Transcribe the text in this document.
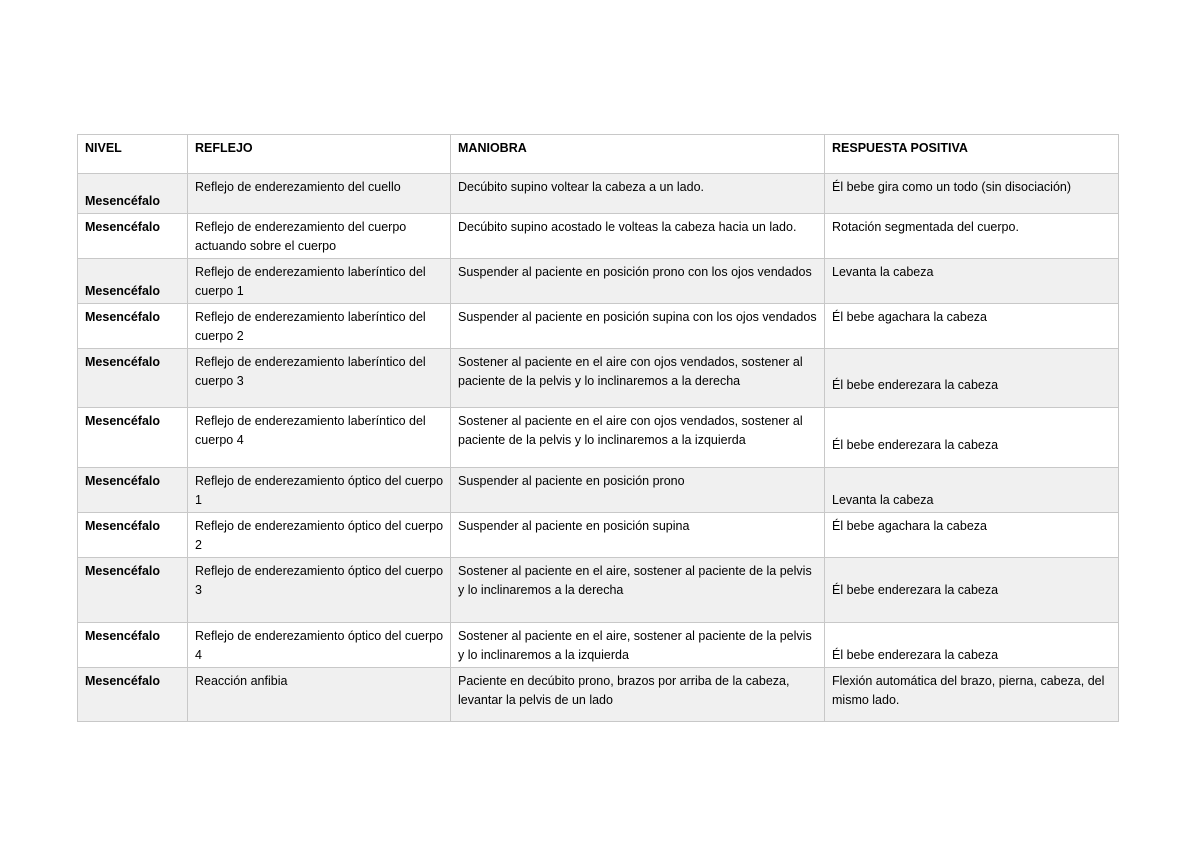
NIVEL	REFLEJO	MANIOBRA	RESPUESTA POSITIVA
Mesencéfalo	Reflejo de enderezamiento del cuello	Decúbito supino voltear la cabeza a un lado.	Él bebe gira como un todo (sin disociación)
Mesencéfalo	Reflejo de enderezamiento del cuerpo actuando sobre el cuerpo	Decúbito supino acostado le volteas la cabeza hacia un lado.	Rotación segmentada del cuerpo.
Mesencéfalo	Reflejo de enderezamiento laberíntico del cuerpo 1	Suspender al paciente en posición prono con los ojos vendados	Levanta la cabeza
Mesencéfalo	Reflejo de enderezamiento laberíntico del cuerpo 2	Suspender al paciente en posición supina con los ojos vendados	Él bebe agachara la cabeza
Mesencéfalo	Reflejo de enderezamiento laberíntico del cuerpo 3	Sostener al paciente en el aire con ojos vendados, sostener al paciente de la pelvis y lo inclinaremos a la derecha	Él bebe enderezara la cabeza
Mesencéfalo	Reflejo de enderezamiento laberíntico del cuerpo 4	Sostener al paciente en el aire con ojos vendados, sostener al paciente de la pelvis y lo inclinaremos a la izquierda	Él bebe enderezara la cabeza
Mesencéfalo	Reflejo de enderezamiento óptico del cuerpo 1	Suspender al paciente en posición prono	Levanta la cabeza
Mesencéfalo	Reflejo de enderezamiento óptico del cuerpo 2	Suspender al paciente en posición supina	Él bebe agachara la cabeza
Mesencéfalo	Reflejo de enderezamiento óptico del cuerpo 3	Sostener al paciente en el aire, sostener al paciente de la pelvis y lo inclinaremos a la derecha	Él bebe enderezara la cabeza
Mesencéfalo	Reflejo de enderezamiento óptico del cuerpo 4	Sostener al paciente en el aire, sostener al paciente de la pelvis y lo inclinaremos a la izquierda	Él bebe enderezara la cabeza
Mesencéfalo	Reacción anfibia	Paciente en decúbito prono, brazos por arriba de la cabeza, levantar la pelvis de un lado	Flexión automática del brazo, pierna, cabeza, del mismo lado.
